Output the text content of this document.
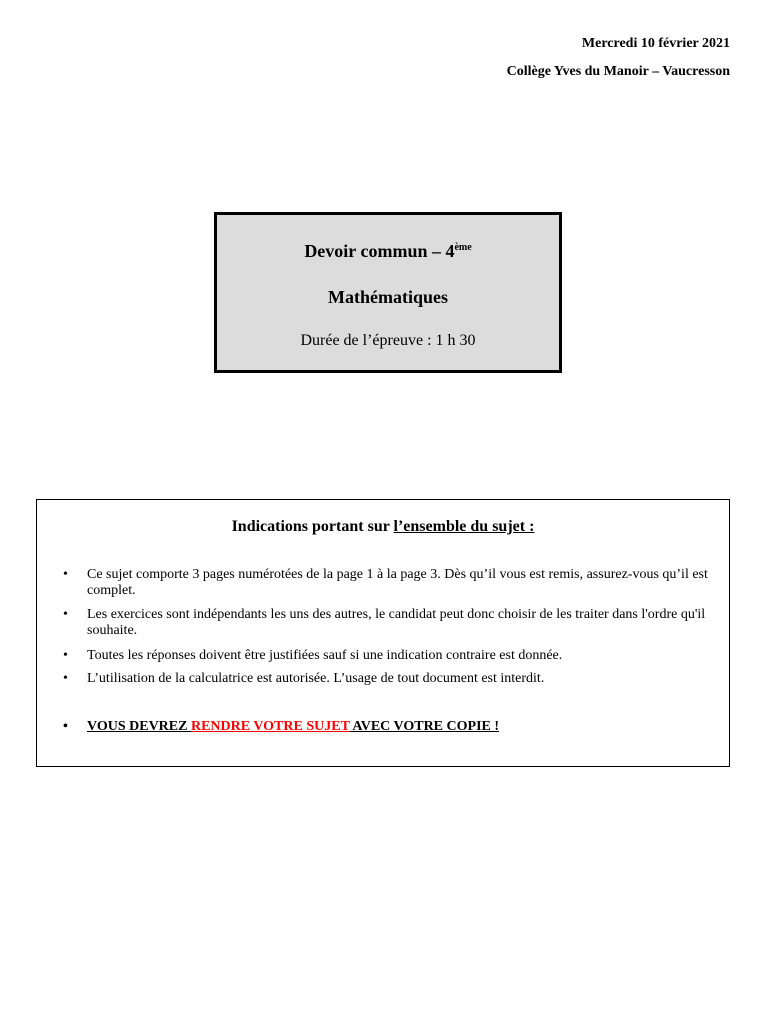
Mercredi 10 février 2021
Collège Yves du Manoir – Vaucresson
Devoir commun – 4ème
Mathématiques
Durée de l’épreuve : 1 h 30
Indications portant sur l’ensemble du sujet :
• Ce sujet comporte 3 pages numérotées de la page 1 à la page 3. Dès qu’il vous est remis, assurez-vous qu’il est complet.
• Les exercices sont indépendants les uns des autres, le candidat peut donc choisir de les traiter dans l'ordre qu'il souhaite.
• Toutes les réponses doivent être justifiées sauf si une indication contraire est donnée.
• L’utilisation de la calculatrice est autorisée. L’usage de tout document est interdit.
• VOUS DEVREZ RENDRE VOTRE SUJET AVEC VOTRE COPIE !
